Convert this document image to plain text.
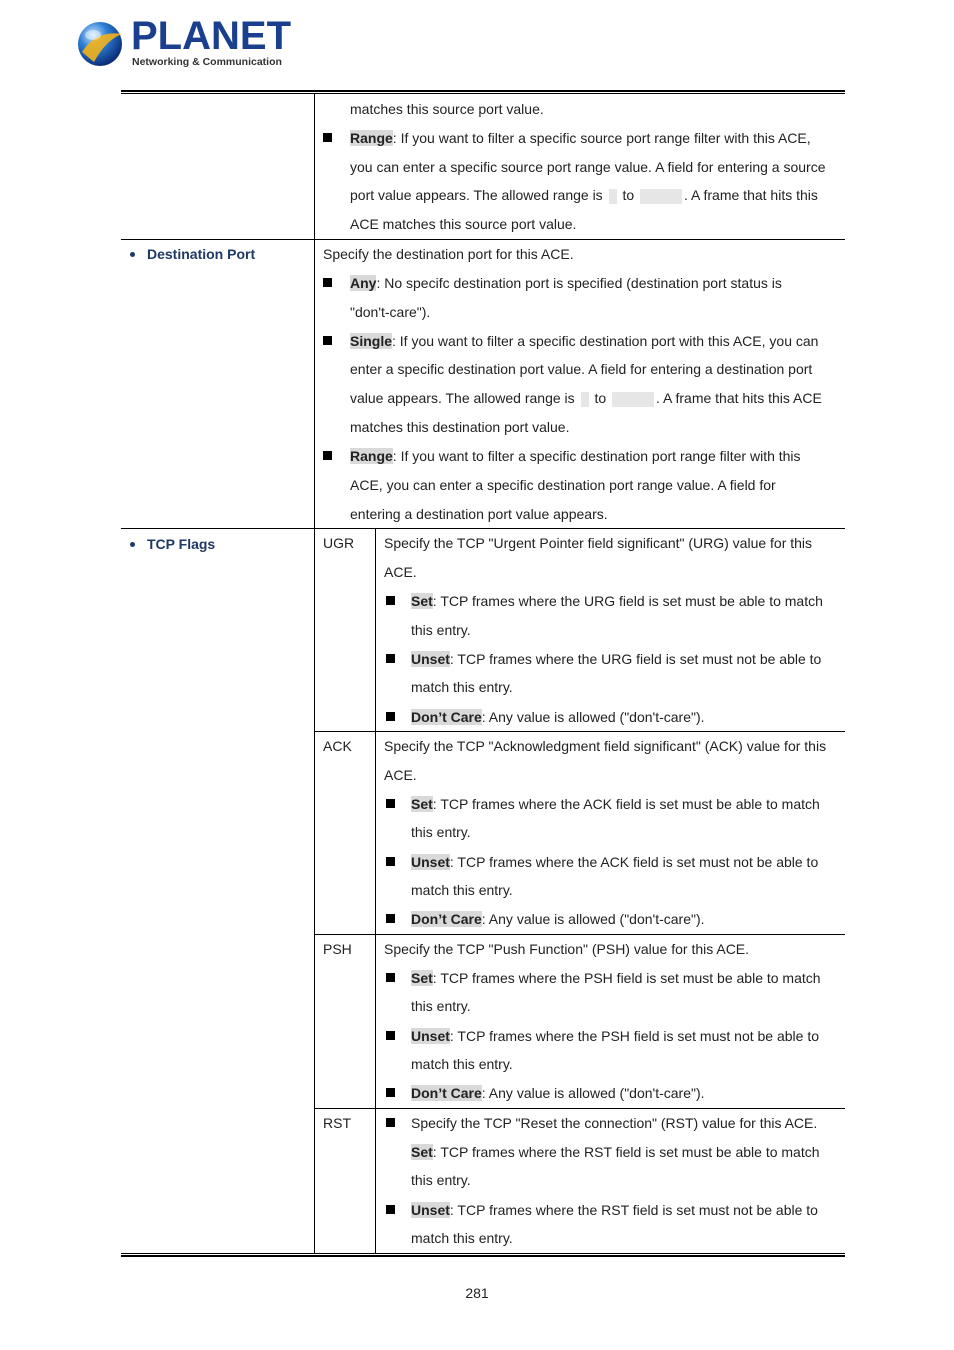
PLANET
Networking & Communication
matches this source port value.
Range: If you want to filter a specific source port range filter with this ACE,
you can enter a specific source port range value. A field for entering a source
port value appears. The allowed range is to	. A frame that hits this
ACE matches this source port value.
Destination Port	Specify the destination port for this ACE.
Any: No specifc destination port is specified (destination port status is
"don't-care").
Single: If you want to filter a specific destination port with this ACE, you can
enter a specific destination port value. A field for entering a destination port
value appears. The allowed range is to	. A frame that hits this ACE
matches this destination port value.
Range: If you want to filter a specific destination port range filter with this
ACE, you can enter a specific destination port range value. A field for
entering a destination port value appears.
TCP Flags	UGR Specify the TCP "Urgent Pointer field significant" (URG) value for this
ACE.
Set: TCP frames where the URG field is set must be able to match
this entry.
Unset: TCP frames where the URG field is set must not be able to
match this entry.
Don’t Care: Any value is allowed ("don't-care").
ACK Specify the TCP "Acknowledgment field significant" (ACK) value for this
ACE.
Set: TCP frames where the ACK field is set must be able to match
this entry.
Unset: TCP frames where the ACK field is set must not be able to
match this entry.
Don’t Care: Any value is allowed ("don't-care").
PSH Specify the TCP "Push Function" (PSH) value for this ACE.
Set: TCP frames where the PSH field is set must be able to match
this entry.
Unset: TCP frames where the PSH field is set must not be able to
match this entry.
Don’t Care: Any value is allowed ("don't-care").
RST	Specify the TCP "Reset the connection" (RST) value for this ACE.
Set: TCP frames where the RST field is set must be able to match
this entry.
Unset: TCP frames where the RST field is set must not be able to
match this entry.
281
